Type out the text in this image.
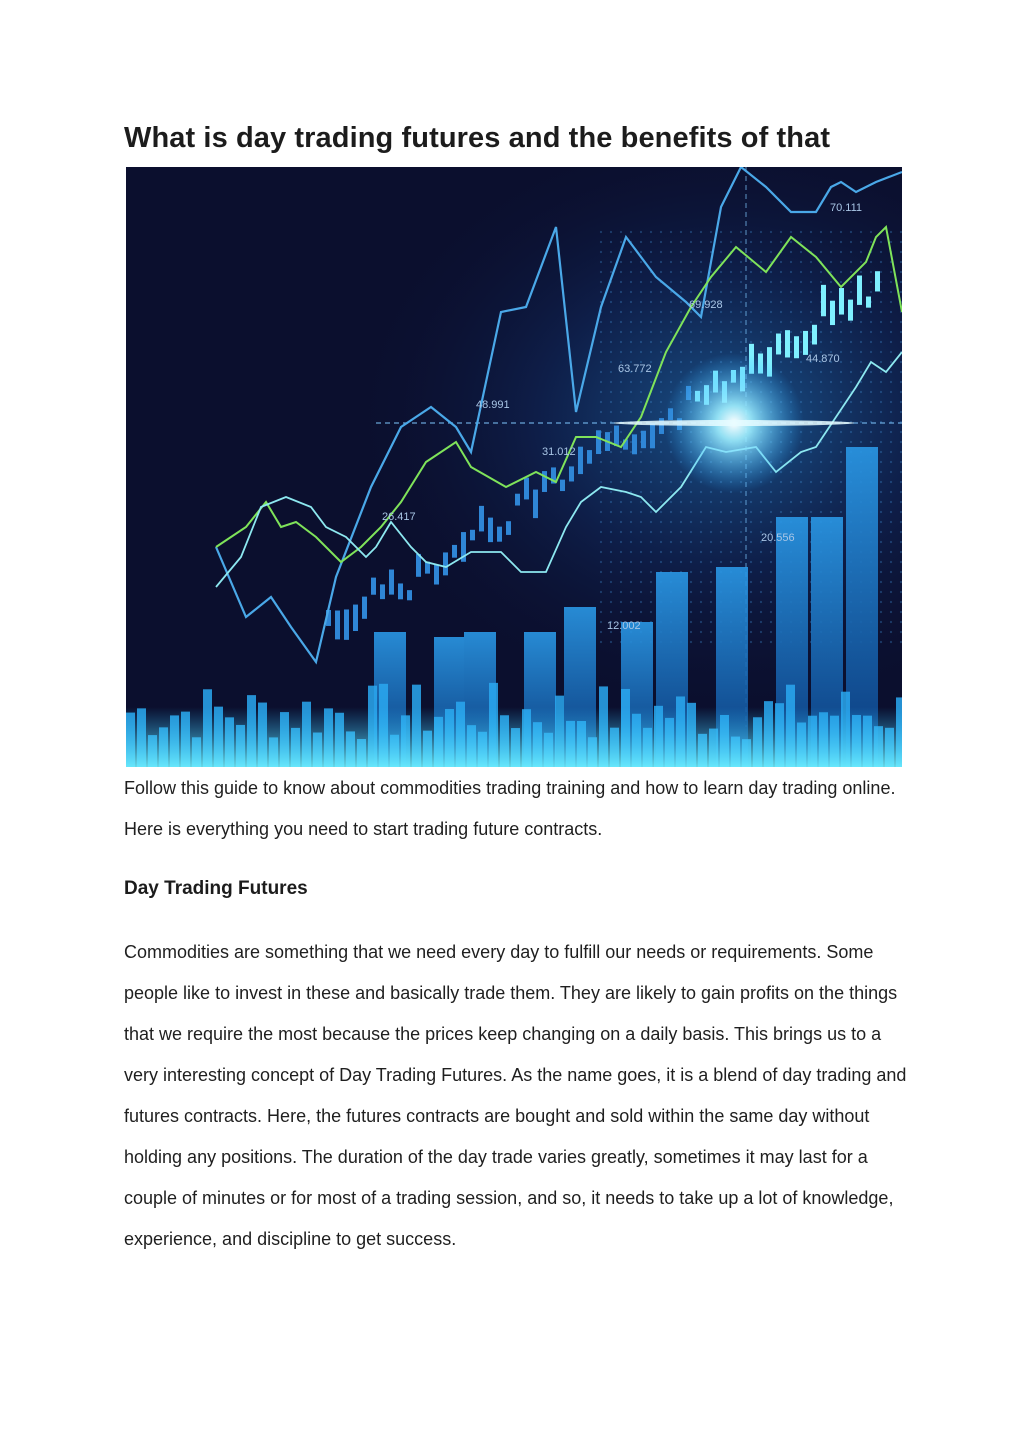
What is day trading futures and the benefits of that
70.111
69.928
63.772
44.870
48.991
31.012
26.417
20.556
12.002

Follow this guide to know about commodities trading training and how to learn day trading online. Here is everything you need to start trading future contracts.

Day Trading Futures

Commodities are something that we need every day to fulfill our needs or requirements. Some people like to invest in these and basically trade them. They are likely to gain profits on the things that we require the most because the prices keep changing on a daily basis. This brings us to a very interesting concept of Day Trading Futures. As the name goes, it is a blend of day trading and futures contracts. Here, the futures contracts are bought and sold within the same day without holding any positions. The duration of the day trade varies greatly, sometimes it may last for a couple of minutes or for most of a trading session, and so, it needs to take up a lot of knowledge, experience, and discipline to get success.
